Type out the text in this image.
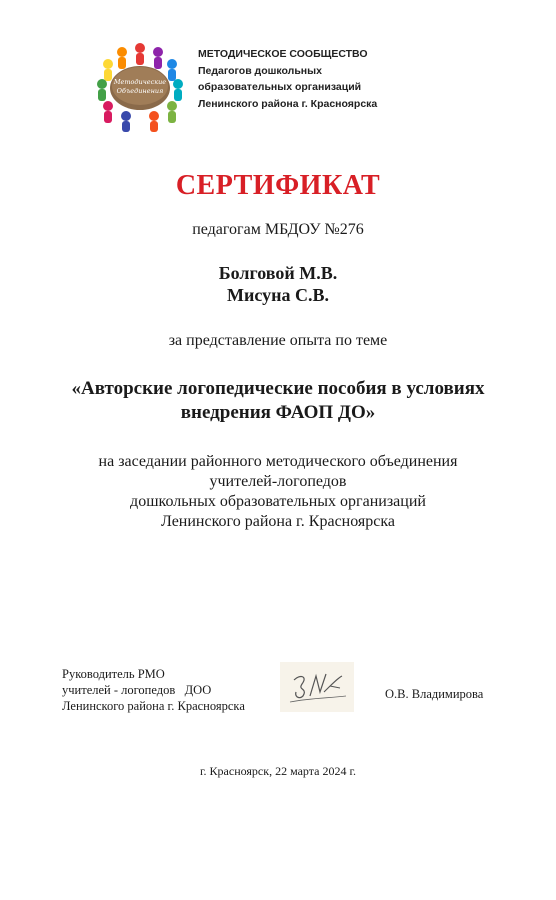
Методические
Объединения
МЕТОДИЧЕСКОЕ СООБЩЕСТВО
Педагогов дошкольных
образовательных организаций
Ленинского района г. Красноярска
СЕРТИФИКАТ
педагогам МБДОУ №276
Болговой М.В.
Мисуна С.В.
за представление опыта по теме
«Авторские логопедические пособия в условиях
внедрения ФАОП ДО»
на заседании районного методического объединения
учителей-логопедов
дошкольных образовательных организаций
Ленинского района г. Красноярска
Руководитель РМО
учителей - логопедов   ДОО
Ленинского района г. Красноярска
О.В. Владимирова
г. Красноярск, 22 марта 2024 г.
